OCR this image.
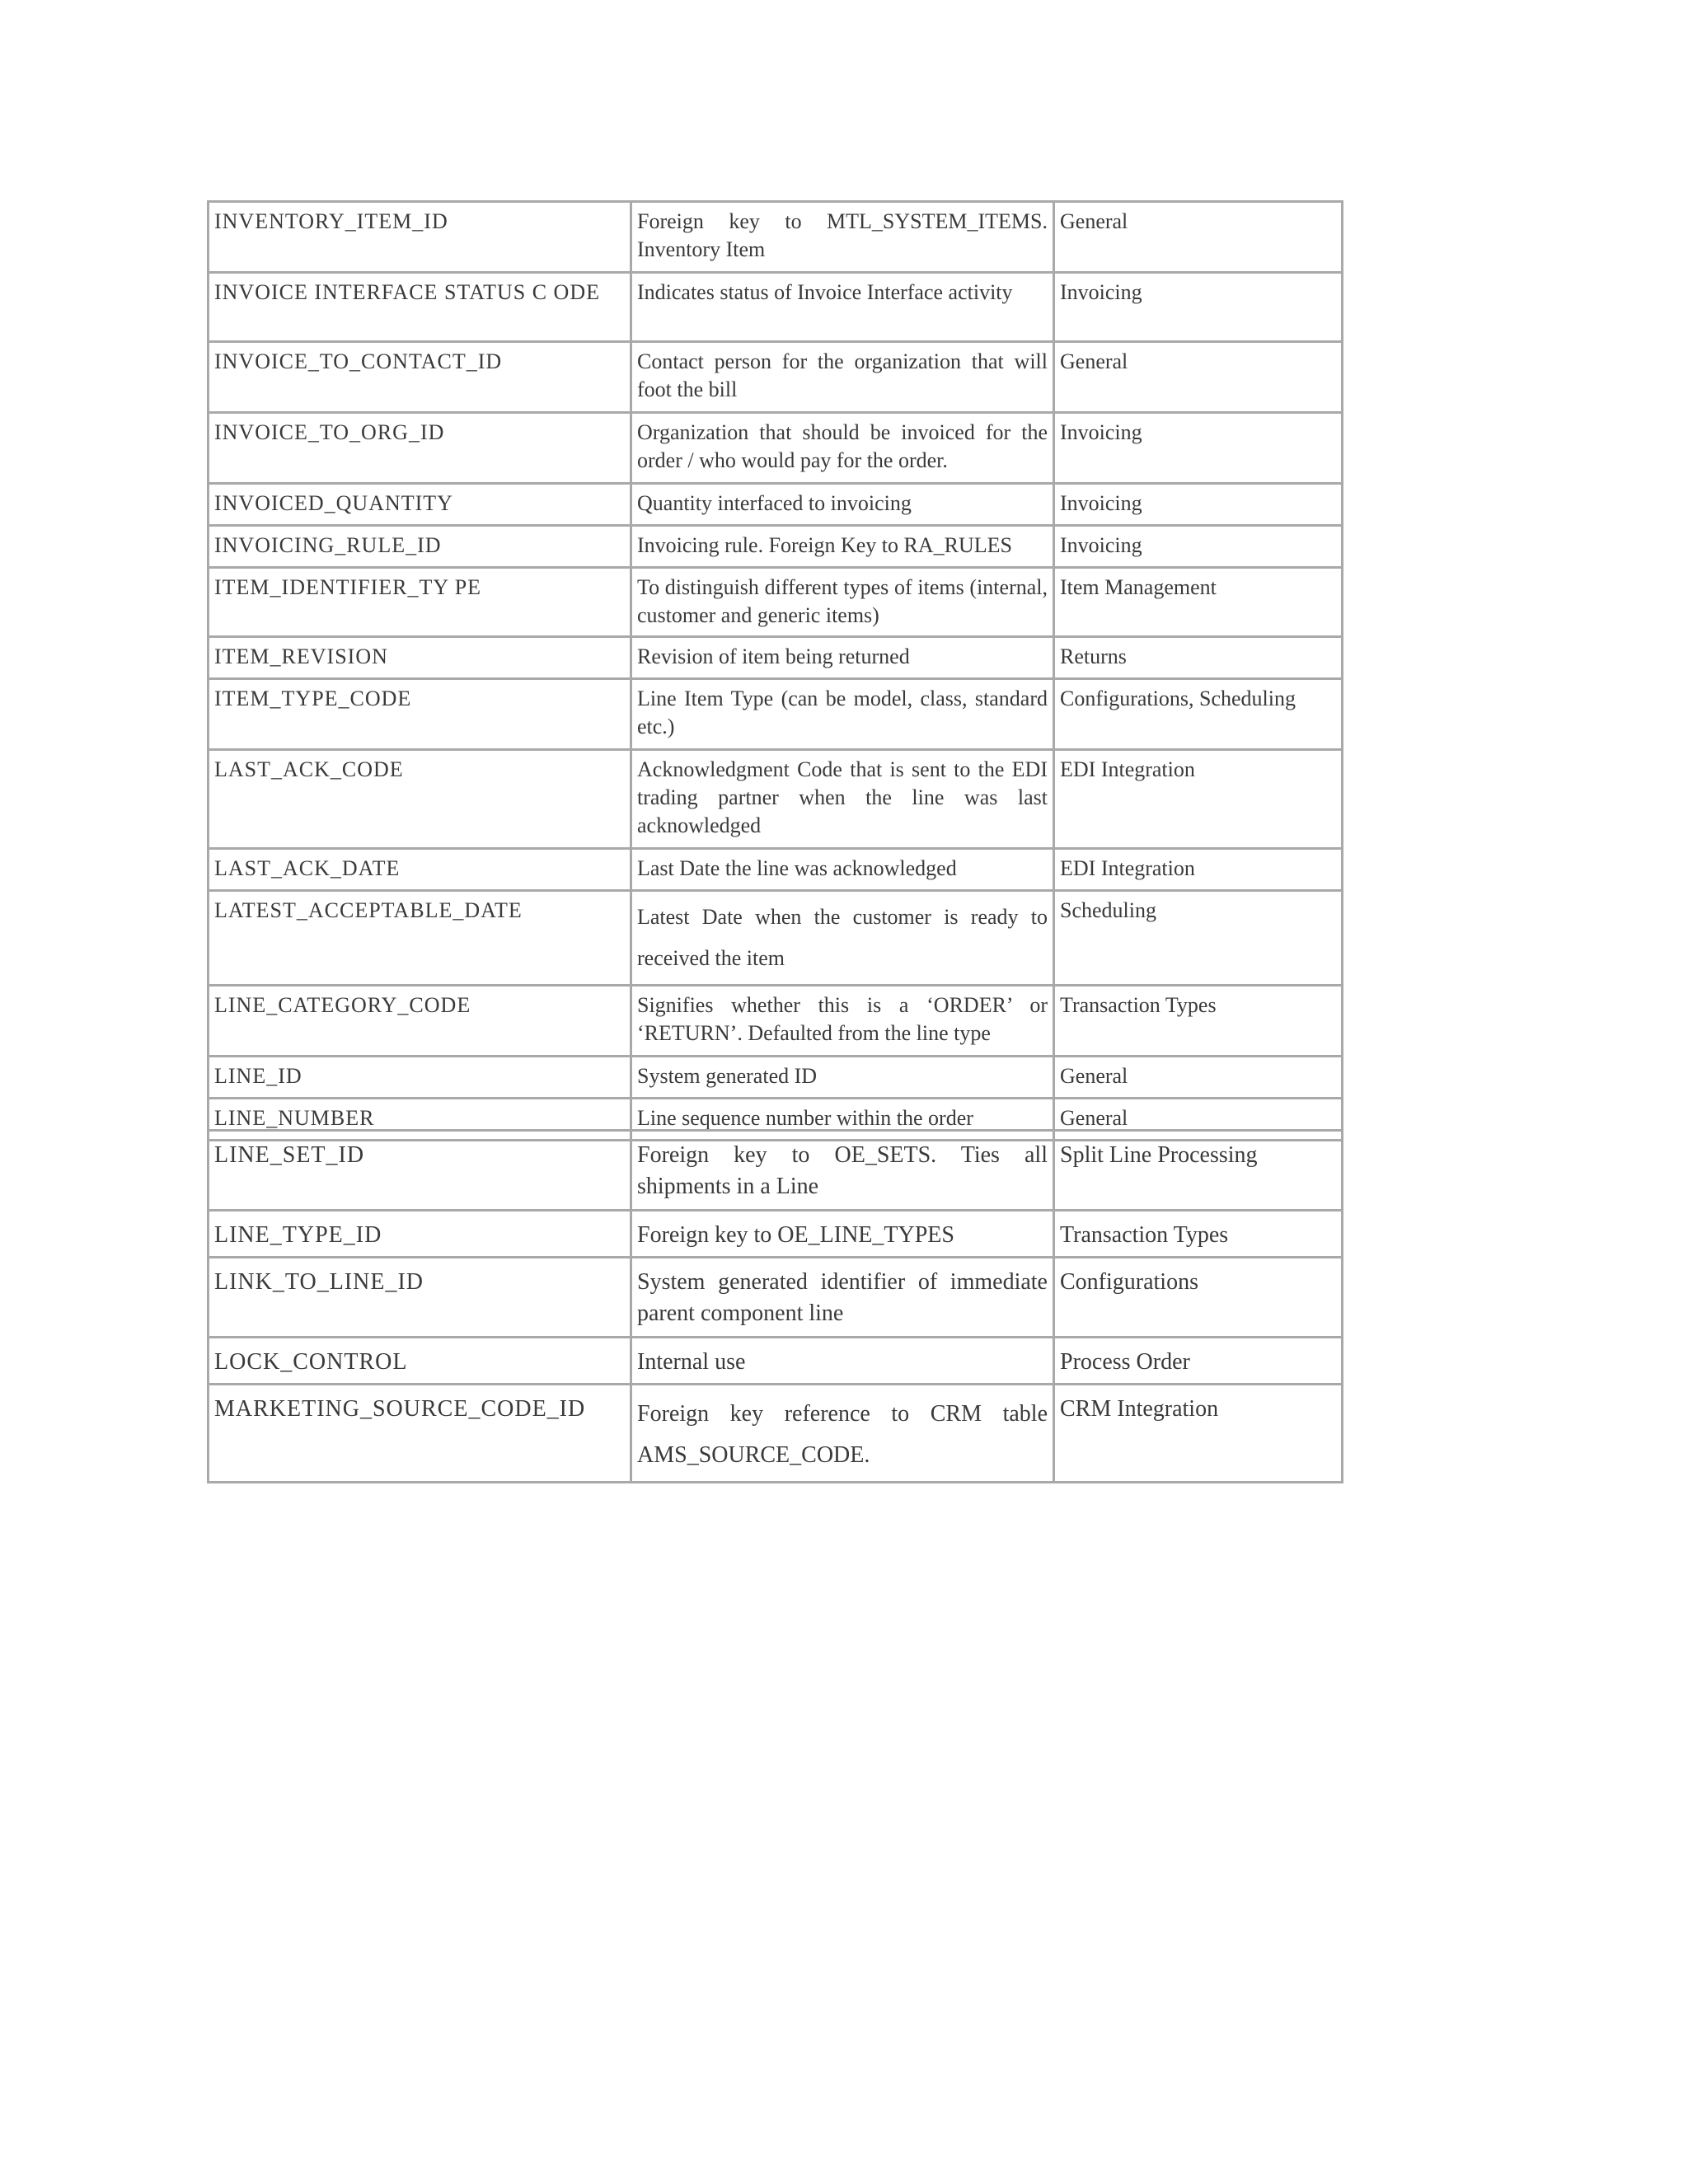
INVENTORY_ITEM_ID	Foreign key to MTL_SYSTEM_ITEMS. Inventory Item	General
INVOICE INTERFACE STATUS C ODE	Indicates status of Invoice Interface activity	Invoicing
INVOICE_TO_CONTACT_ID	Contact person for the organization that will foot the bill	General
INVOICE_TO_ORG_ID	Organization that should be invoiced for the order / who would pay for the order.	Invoicing
INVOICED_QUANTITY	Quantity interfaced to invoicing	Invoicing
INVOICING_RULE_ID	Invoicing rule. Foreign Key to RA_RULES	Invoicing
ITEM_IDENTIFIER_TY PE	To distinguish different types of items (internal, customer and generic items)	Item Management
ITEM_REVISION	Revision of item being returned	Returns
ITEM_TYPE_CODE	Line Item Type (can be model, class, standard etc.)	Configurations, Scheduling
LAST_ACK_CODE	Acknowledgment Code that is sent to the EDI trading partner when the line was last acknowledged	EDI Integration
LAST_ACK_DATE	Last Date the line was acknowledged	EDI Integration
LATEST_ACCEPTABLE_DATE	Latest Date when the customer is ready to received the item	Scheduling
LINE_CATEGORY_CODE	Signifies whether this is a ‘ORDER’ or ‘RETURN’. Defaulted from the line type	Transaction Types
LINE_ID	System generated ID	General
LINE_NUMBER	Line sequence number within the order	General
LINE_SET_ID	Foreign key to OE_SETS. Ties all shipments in a Line	Split Line Processing
LINE_TYPE_ID	Foreign key to OE_LINE_TYPES	Transaction Types
LINK_TO_LINE_ID	System generated identifier of immediate parent component line	Configurations
LOCK_CONTROL	Internal use	Process Order
MARKETING_SOURCE_CODE_ID	Foreign key reference to CRM table AMS_SOURCE_CODE.	CRM Integration
